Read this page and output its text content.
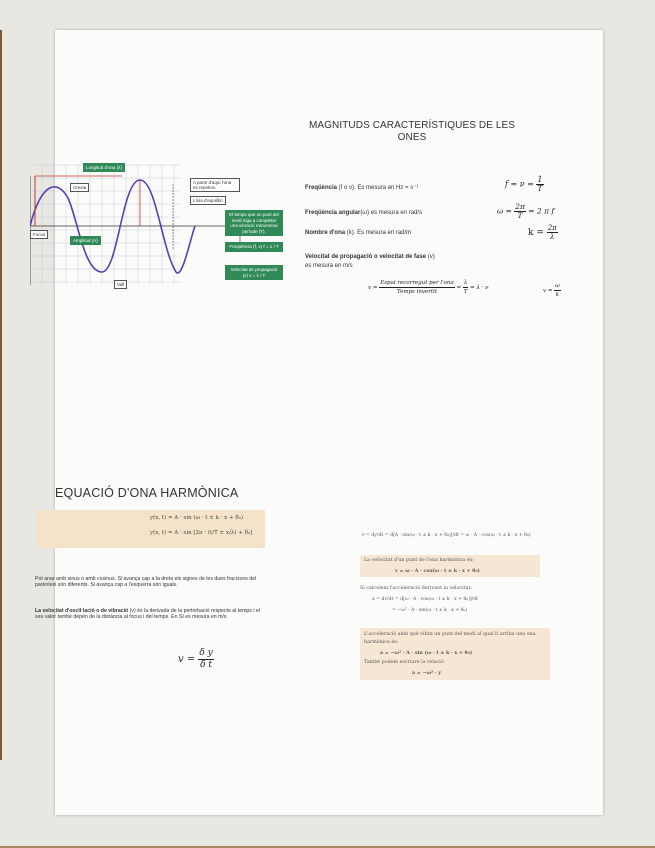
Longitud d'ona (λ)
Cresta
Focus
Amplitud (A)
Vall
A partir d'aquí l'ona es repeteix.
Línia d'equilibri
El temps que un punt del medi triga a completar una vibració s'anomena període (T).
Freqüència (f, ν) f = 1 / T
Velocitat de propagació (v) v = λ / T
MAGNITUDS CARACTERÍSTIQUES DE LES ONES
Freqüència (f o ν). Es mesura en Hz = s⁻¹	$f = \nu = \frac{1}{T}$
Freqüència angular(ω) es mesura en rad/s	$\omega = \frac{2\pi}{T} = 2$ π f
Nombre d'ona (k). Es mesura en rad/m	$k = \frac{2\pi}{\lambda}$
Velocitat de propagació o velocitat de fase (v)
es mesura en m/s
$v = \frac{\text{Espai recorregut per l'ona}}{\text{Temps invertit}} = \frac{\lambda}{T} = \lambda \cdot \nu$	$v = \frac{\omega}{k}$
EQUACIÓ D'ONA HARMÒNICA
y(x, t) = A · sin (ω · t ± k · x + θ₀)
y(x, t) = A · sin [2π · (t/T ± x/λ) + θ₀]
Pot anar amb sinus o amb cosinus. Si avança cap a la dreta els signes de les dues fraccions del parèntesi són diferents. Si avança cap a l'esquerra són iguals.
La velocitat d'oscil·lació o de vibració (v) és la derivada de la pertorbació respecte al temps i el seu valor també depèn de la distància al focus i del temps. En SI es mesura en m/s
$v = \frac{\text{δ y}}{\text{δ t}}$
v = dy/dt = d[A · sin(ω · t ± k · x + θ₀)]/dt = ω · A · cos(ω · t ± k · x + θ₀)
La velocitat d'un punt de l'ona harmònica és:
v = ω · A · cos(ω · t ± k · x + θ₀)
Si calculem l'acceleració derivant la velocitat:
a = dv/dt = d[ω · A · cos(ω · t ± k · x + θ₀)]/dt
= −ω² · A · sin(ω · t ± k · x + θ₀)
L'acceleració amb què vibra un punt del medi al qual li arriba una ona
harmònica és:
a = −ω² · A · sin (ω · t ± k · x + θ₀)
També podem escriure la relació
a = −ω² · y
